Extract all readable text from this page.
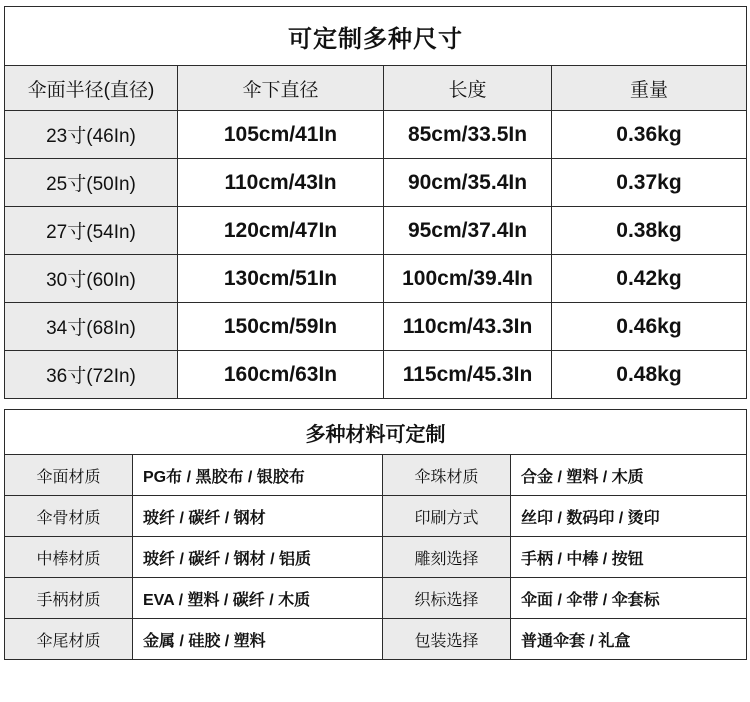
可定制多种尺寸			
伞面半径(直径)	伞下直径	长度	重量
23寸(46In)	105cm/41In	85cm/33.5In	0.36kg
25寸(50In)	110cm/43In	90cm/35.4In	0.37kg
27寸(54In)	120cm/47In	95cm/37.4In	0.38kg
30寸(60In)	130cm/51In	100cm/39.4In	0.42kg
34寸(68In)	150cm/59In	110cm/43.3In	0.46kg
36寸(72In)	160cm/63In	115cm/45.3In	0.48kg
多种材料可定制			
伞面材质	PG布 / 黑胶布 / 银胶布	伞珠材质	合金 / 塑料 / 木质
伞骨材质	玻纤 / 碳纤 / 钢材	印刷方式	丝印 / 数码印 / 烫印
中棒材质	玻纤 / 碳纤 / 钢材 / 铝质	雕刻选择	手柄 / 中棒 / 按钮
手柄材质	EVA / 塑料 / 碳纤 / 木质	织标选择	伞面 / 伞带 / 伞套标
伞尾材质	金属 / 硅胶 / 塑料	包装选择	普通伞套 / 礼盒
